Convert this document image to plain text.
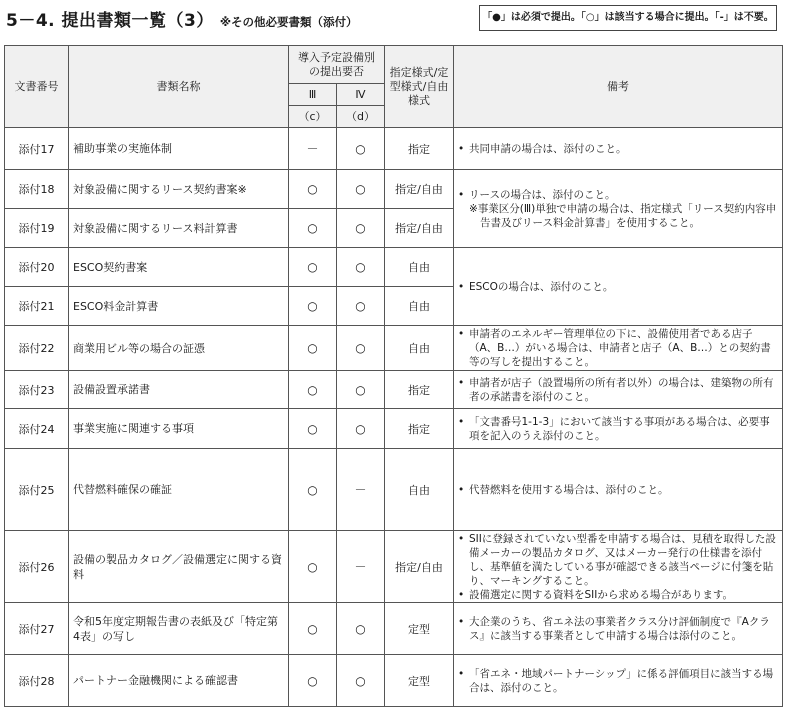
5－4. 提出書類一覧（3） ※その他必要書類（添付）	「●」は必須で提出。「○」は該当する場合に提出。「-」は不要。
文書番号	書類名称	導入予定設備別の提出要否		指定様式/定型様式/自由様式	備考
		Ⅲ	Ⅳ		
		（c）	（d）		
添付17	補助事業の実施体制	－	○	指定	• 共同申請の場合は、添付のこと。

添付18	対象設備に関するリース契約書案※	○	○	指定/自由	• リースの場合は、添付のこと。
※事業区分(Ⅲ)単独で申請の場合は、指定様式「リース契約内容申告書及びリース料金計算書」を使用すること。

添付19	対象設備に関するリース料計算書	○	○	指定/自由	
添付20	ESCO契約書案	○	○	自由	• ESCOの場合は、添付のこと。

添付21	ESCO料金計算書	○	○	自由	
添付22	商業用ビル等の場合の証憑	○	○	自由	• 申請者のエネルギー管理単位の下に、設備使用者である店子（A、B…）がいる場合は、申請者と店子（A、B…）との契約書等の写しを提出すること。

添付23	設備設置承諾書	○	○	指定	• 申請者が店子（設置場所の所有者以外）の場合は、建築物の所有者の承諾書を添付のこと。

添付24	事業実施に関連する事項	○	○	指定	• 「文書番号1-1-3」において該当する事項がある場合は、必要事項を記入のうえ添付のこと。

添付25	代替燃料確保の確証	○	－	自由	• 代替燃料を使用する場合は、添付のこと。

添付26	設備の製品カタログ／設備選定に関する資料	○	－	指定/自由	• SIIに登録されていない型番を申請する場合は、見積を取得した設備メーカーの製品カタログ、又はメーカー発行の仕様書を添付し、基準値を満たしている事が確認できる該当ページに付箋を貼り、マーキングすること。
• 設備選定に関する資料をSIIから求める場合があります。

添付27	令和5年度定期報告書の表紙及び「特定第4表」の写し	○	○	定型	• 大企業のうち、省エネ法の事業者クラス分け評価制度で『Aクラス』に該当する事業者として申請する場合は添付のこと。

添付28	パートナー金融機関による確認書	○	○	定型	• 「省エネ・地域パートナーシップ」に係る評価項目に該当する場合は、添付のこと。
